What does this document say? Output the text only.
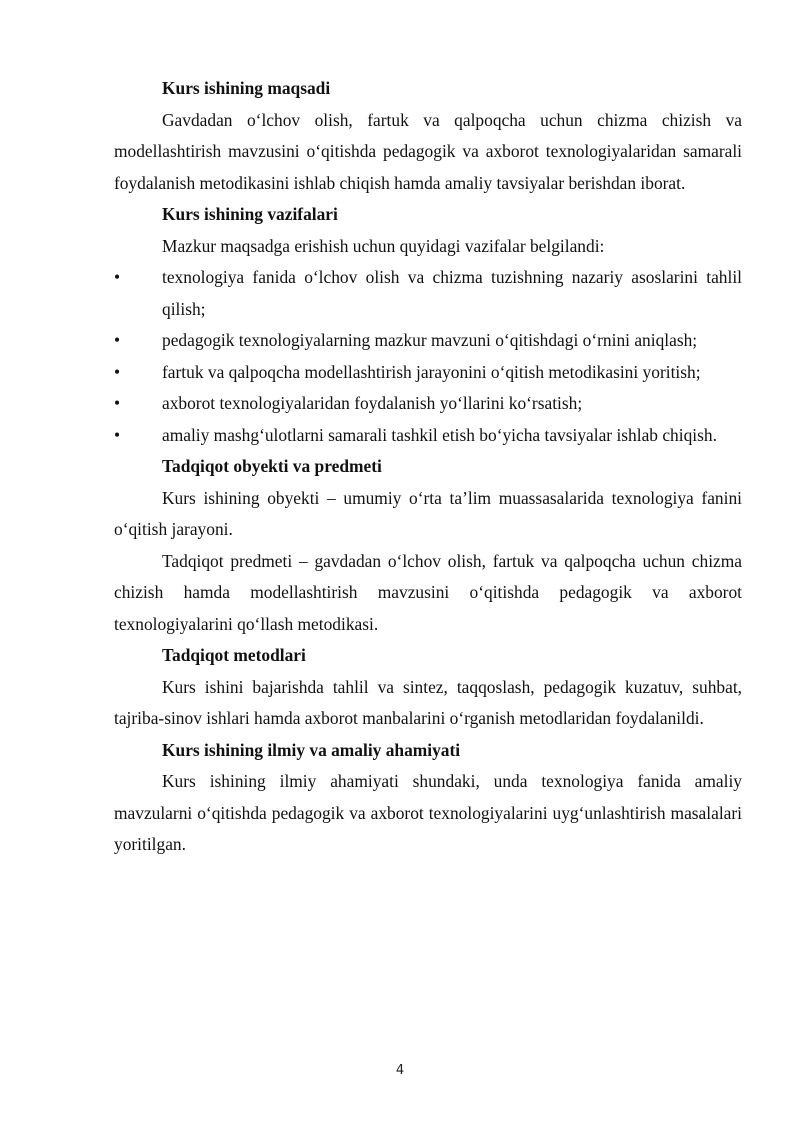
Kurs ishining maqsadi
Gavdadan o‘lchov olish, fartuk va qalpoqcha uchun chizma chizish va modellashtirish mavzusini o‘qitishda pedagogik va axborot texnologiyalaridan samarali foydalanish metodikasini ishlab chiqish hamda amaliy tavsiyalar berishdan iborat.
Kurs ishining vazifalari
Mazkur maqsadga erishish uchun quyidagi vazifalar belgilandi:
•	texnologiya fanida o‘lchov olish va chizma tuzishning nazariy asoslarini tahlil qilish;
•	pedagogik texnologiyalarning mazkur mavzuni o‘qitishdagi o‘rnini aniqlash;
•	fartuk va qalpoqcha modellashtirish jarayonini o‘qitish metodikasini yoritish;
•	axborot texnologiyalaridan foydalanish yo‘llarini ko‘rsatish;
•	amaliy mashg‘ulotlarni samarali tashkil etish bo‘yicha tavsiyalar ishlab chiqish.
Tadqiqot obyekti va predmeti
Kurs ishining obyekti – umumiy o‘rta ta’lim muassasalarida texnologiya fanini o‘qitish jarayoni.
Tadqiqot predmeti – gavdadan o‘lchov olish, fartuk va qalpoqcha uchun chizma chizish hamda modellashtirish mavzusini o‘qitishda pedagogik va axborot texnologiyalarini qo‘llash metodikasi.
Tadqiqot metodlari
Kurs ishini bajarishda tahlil va sintez, taqqoslash, pedagogik kuzatuv, suhbat, tajriba-sinov ishlari hamda axborot manbalarini o‘rganish metodlaridan foydalanildi.
Kurs ishining ilmiy va amaliy ahamiyati
Kurs ishining ilmiy ahamiyati shundaki, unda texnologiya fanida amaliy mavzularni o‘qitishda pedagogik va axborot texnologiyalarini uyg‘unlashtirish masalalari yoritilgan.
4
